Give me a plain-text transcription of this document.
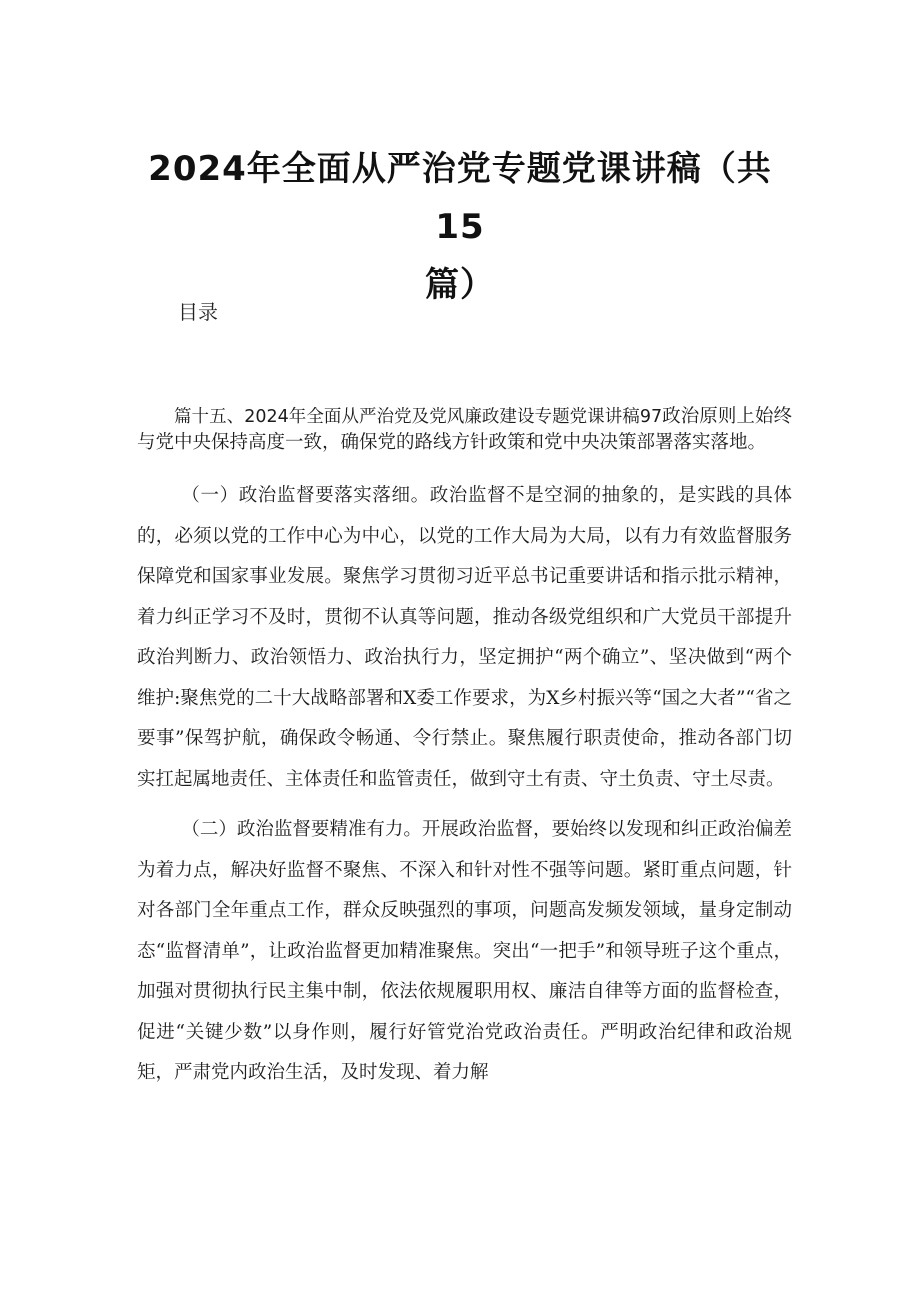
2024年全面从严治党专题党课讲稿（共15
篇）
目录

篇十五、2024年全面从严治党及党风廉政建设专题党课讲稿97政治原则上始终与党中央保持高度一致，确保党的路线方针政策和党中央决策部署落实落地。

（一）政治监督要落实落细。政治监督不是空洞的抽象的，是实践的具体的，必须以党的工作中心为中心，以党的工作大局为大局，以有力有效监督服务保障党和国家事业发展。聚焦学习贯彻习近平总书记重要讲话和指示批示精神，着力纠正学习不及时，贯彻不认真等问题，推动各级党组织和广大党员干部提升政治判断力、政治领悟力、政治执行力，坚定拥护“两个确立”、坚决做到“两个维护:聚焦党的二十大战略部署和X委工作要求，为X乡村振兴等“国之大者”“省之要事”保驾护航，确保政令畅通、令行禁止。聚焦履行职责使命，推动各部门切实扛起属地责任、主体责任和监管责任，做到守土有责、守土负责、守土尽责。

（二）政治监督要精准有力。开展政治监督，要始终以发现和纠正政治偏差为着力点，解决好监督不聚焦、不深入和针对性不强等问题。紧盯重点问题，针对各部门全年重点工作，群众反映强烈的事项，问题高发频发领域，量身定制动态“监督清单”，让政治监督更加精准聚焦。突出“一把手”和领导班子这个重点，加强对贯彻执行民主集中制，依法依规履职用权、廉洁自律等方面的监督检查，促进“关键少数”以身作则，履行好管党治党政治责任。严明政治纪律和政治规矩，严肃党内政治生活，及时发现、着力解
